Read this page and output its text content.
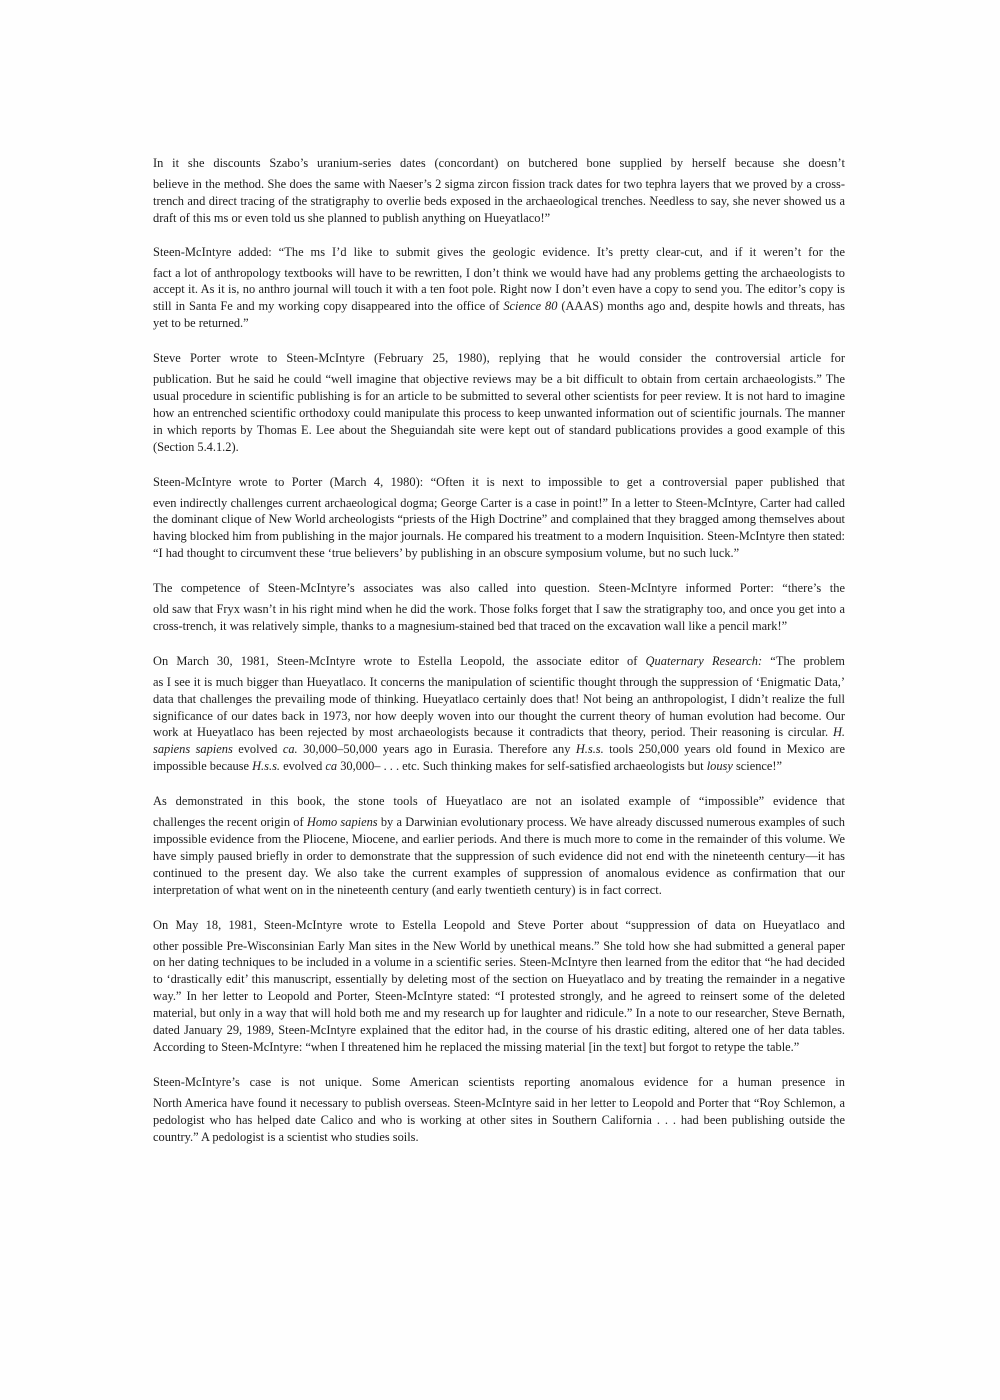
In it she discounts Szabo’s uranium-series dates (concordant) on butchered bone supplied by herself because she doesn’t
believe in the method. She does the same with Naeser’s 2 sigma zircon fission track dates for two tephra layers that we proved by a cross-trench and direct tracing of the stratigraphy to overlie beds exposed in the archaeological trenches. Needless to say, she never showed us a draft of this ms or even told us she planned to publish anything on Hueyatlaco!”

Steen-McIntyre added: “The ms I’d like to submit gives the geologic evidence. It’s pretty clear-cut, and if it weren’t for the
fact a lot of anthropology textbooks will have to be rewritten, I don’t think we would have had any problems getting the archaeologists to accept it. As it is, no anthro journal will touch it with a ten foot pole. Right now I don’t even have a copy to send you. The editor’s copy is still in Santa Fe and my working copy disappeared into the office of Science 80 (AAAS) months ago and, despite howls and threats, has yet to be returned.”

Steve Porter wrote to Steen-McIntyre (February 25, 1980), replying that he would consider the controversial article for
publication. But he said he could “well imagine that objective reviews may be a bit difficult to obtain from certain archaeologists.” The usual procedure in scientific publishing is for an article to be submitted to several other scientists for peer review. It is not hard to imagine how an entrenched scientific orthodoxy could manipulate this process to keep unwanted information out of scientific journals. The manner in which reports by Thomas E. Lee about the Sheguiandah site were kept out of standard publications provides a good example of this (Section 5.4.1.2).

Steen-McIntyre wrote to Porter (March 4, 1980): “Often it is next to impossible to get a controversial paper published that
even indirectly challenges current archaeological dogma; George Carter is a case in point!” In a letter to Steen-McIntyre, Carter had called the dominant clique of New World archeologists “priests of the High Doctrine” and complained that they bragged among themselves about having blocked him from publishing in the major journals. He compared his treatment to a modern Inquisition. Steen-McIntyre then stated: “I had thought to circumvent these ‘true believers’ by publishing in an obscure symposium volume, but no such luck.”

The competence of Steen-McIntyre’s associates was also called into question. Steen-McIntyre informed Porter: “there’s the
old saw that Fryx wasn’t in his right mind when he did the work. Those folks forget that I saw the stratigraphy too, and once you get into a cross-trench, it was relatively simple, thanks to a magnesium-stained bed that traced on the excavation wall like a pencil mark!”

On March 30, 1981, Steen-McIntyre wrote to Estella Leopold, the associate editor of Quaternary Research: “The problem
as I see it is much bigger than Hueyatlaco. It concerns the manipulation of scientific thought through the suppression of ‘Enigmatic Data,’ data that challenges the prevailing mode of thinking. Hueyatlaco certainly does that! Not being an anthropologist, I didn’t realize the full significance of our dates back in 1973, nor how deeply woven into our thought the current theory of human evolution had become. Our work at Hueyatlaco has been rejected by most archaeologists because it contradicts that theory, period. Their reasoning is circular. H. sapiens sapiens evolved ca. 30,000–50,000 years ago in Eurasia. Therefore any H.s.s. tools 250,000 years old found in Mexico are impossible because H.s.s. evolved ca 30,000– . . . etc. Such thinking makes for self-satisfied archaeologists but lousy science!”

As demonstrated in this book, the stone tools of Hueyatlaco are not an isolated example of “impossible” evidence that
challenges the recent origin of Homo sapiens by a Darwinian evolutionary process. We have already discussed numerous examples of such impossible evidence from the Pliocene, Miocene, and earlier periods. And there is much more to come in the remainder of this volume. We have simply paused briefly in order to demonstrate that the suppression of such evidence did not end with the nineteenth century—it has continued to the present day. We also take the current examples of suppression of anomalous evidence as confirmation that our interpretation of what went on in the nineteenth century (and early twentieth century) is in fact correct.

On May 18, 1981, Steen-McIntyre wrote to Estella Leopold and Steve Porter about “suppression of data on Hueyatlaco and
other possible Pre-Wisconsinian Early Man sites in the New World by unethical means.” She told how she had submitted a general paper on her dating techniques to be included in a volume in a scientific series. Steen-McIntyre then learned from the editor that “he had decided to ‘drastically edit’ this manuscript, essentially by deleting most of the section on Hueyatlaco and by treating the remainder in a negative way.” In her letter to Leopold and Porter, Steen-McIntyre stated: “I protested strongly, and he agreed to reinsert some of the deleted material, but only in a way that will hold both me and my research up for laughter and ridicule.” In a note to our researcher, Steve Bernath, dated January 29, 1989, Steen-McIntyre explained that the editor had, in the course of his drastic editing, altered one of her data tables. According to Steen-McIntyre: “when I threatened him he replaced the missing material [in the text] but forgot to retype the table.”

Steen-McIntyre’s case is not unique. Some American scientists reporting anomalous evidence for a human presence in
North America have found it necessary to publish overseas. Steen-McIntyre said in her letter to Leopold and Porter that “Roy Schlemon, a pedologist who has helped date Calico and who is working at other sites in Southern California . . . had been publishing outside the country.” A pedologist is a scientist who studies soils.
